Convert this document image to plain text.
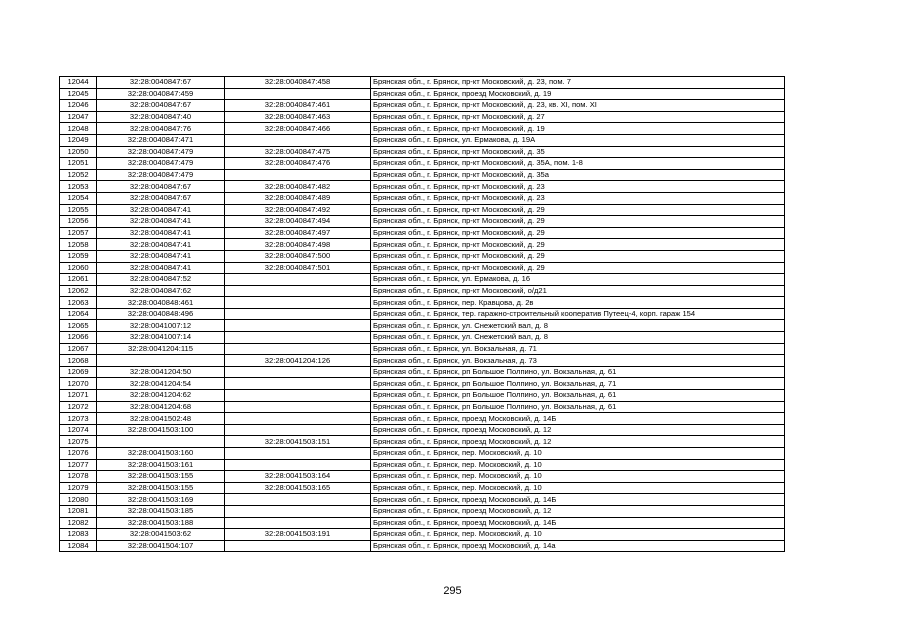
12044	32:28:0040847:67	32:28:0040847:458	Брянская обл., г. Брянск, пр-кт Московский, д. 23, пом. 7
12045	32:28:0040847:459		Брянская обл., г. Брянск, проезд Московский, д. 19
12046	32:28:0040847:67	32:28:0040847:461	Брянская обл., г. Брянск, пр-кт Московский, д. 23, кв. XI, пом. XI
12047	32:28:0040847:40	32:28:0040847:463	Брянская обл., г. Брянск, пр-кт Московский, д. 27
12048	32:28:0040847:76	32:28:0040847:466	Брянская обл., г. Брянск, пр-кт Московский, д. 19
12049	32:28:0040847:471		Брянская обл., г. Брянск, ул. Ермакова, д. 19А
12050	32:28:0040847:479	32:28:0040847:475	Брянская обл., г. Брянск, пр-кт Московский, д. 35
12051	32:28:0040847:479	32:28:0040847:476	Брянская обл., г. Брянск, пр-кт Московский, д. 35А, пом. 1-8
12052	32:28:0040847:479		Брянская обл., г. Брянск, пр-кт Московский, д. 35а
12053	32:28:0040847:67	32:28:0040847:482	Брянская обл., г. Брянск, пр-кт Московский, д. 23
12054	32:28:0040847:67	32:28:0040847:489	Брянская обл., г. Брянск, пр-кт Московский, д. 23
12055	32:28:0040847:41	32:28:0040847:492	Брянская обл., г. Брянск, пр-кт Московский, д. 29
12056	32:28:0040847:41	32:28:0040847:494	Брянская обл., г. Брянск, пр-кт Московский, д. 29
12057	32:28:0040847:41	32:28:0040847:497	Брянская обл., г. Брянск, пр-кт Московский, д. 29
12058	32:28:0040847:41	32:28:0040847:498	Брянская обл., г. Брянск, пр-кт Московский, д. 29
12059	32:28:0040847:41	32:28:0040847:500	Брянская обл., г. Брянск, пр-кт Московский, д. 29
12060	32:28:0040847:41	32:28:0040847:501	Брянская обл., г. Брянск, пр-кт Московский, д. 29
12061	32:28:0040847:52		Брянская обл., г. Брянск, ул. Ермакова, д. 16
12062	32:28:0040847:62		Брянская обл., г. Брянск, пр-кт Московский, о/д21
12063	32:28:0040848:461		Брянская обл., г. Брянск, пер. Кравцова, д. 2в
12064	32:28:0040848:496		Брянская обл., г. Брянск, тер. гаражно-строительный кооператив Путеец-4, корп. гараж 154
12065	32:28:0041007:12		Брянская обл., г. Брянск, ул. Снежетский вал, д. 8
12066	32:28:0041007:14		Брянская обл., г. Брянск, ул. Снежетский вал, д. 8
12067	32:28:0041204:115		Брянская обл., г. Брянск, ул. Вокзальная, д. 71
12068		32:28:0041204:126	Брянская обл., г. Брянск, ул. Вокзальная, д. 73
12069	32:28:0041204:50		Брянская обл., г. Брянск, рп Большое Полпино, ул. Вокзальная, д. 61
12070	32:28:0041204:54		Брянская обл., г. Брянск, рп Большое Полпино, ул. Вокзальная, д. 71
12071	32:28:0041204:62		Брянская обл., г. Брянск, рп Большое Полпино, ул. Вокзальная, д. 61
12072	32:28:0041204:68		Брянская обл., г. Брянск, рп Большое Полпино, ул. Вокзальная, д. 61
12073	32:28:0041502:48		Брянская обл., г. Брянск, проезд Московский, д. 14Б
12074	32:28:0041503:100		Брянская обл., г. Брянск, проезд Московский, д. 12
12075		32:28:0041503:151	Брянская обл., г. Брянск, проезд Московский, д. 12
12076	32:28:0041503:160		Брянская обл., г. Брянск, пер. Московский, д. 10
12077	32:28:0041503:161		Брянская обл., г. Брянск, пер. Московский, д. 10
12078	32:28:0041503:155	32:28:0041503:164	Брянская обл., г. Брянск, пер. Московский, д. 10
12079	32:28:0041503:155	32:28:0041503:165	Брянская обл., г. Брянск, пер. Московский, д. 10
12080	32:28:0041503:169		Брянская обл., г. Брянск, проезд Московский, д. 14Б
12081	32:28:0041503:185		Брянская обл., г. Брянск, проезд Московский, д. 12
12082	32:28:0041503:188		Брянская обл., г. Брянск, проезд Московский, д. 14Б
12083	32:28:0041503:62	32:28:0041503:191	Брянская обл., г. Брянск, пер. Московский, д. 10
12084	32:28:0041504:107		Брянская обл., г. Брянск, проезд Московский, д. 14а
295
